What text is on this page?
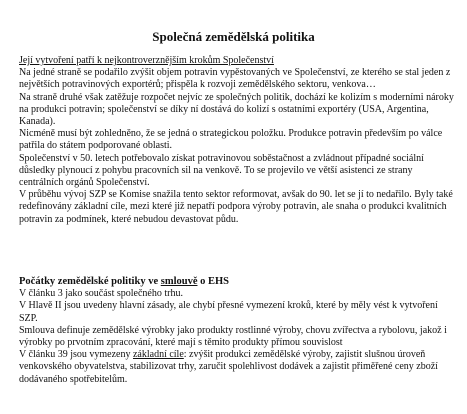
Společná zemědělská politika

Její vytvoření patří k nejkontroverznějším krokům Společenství

Na jedné straně se podařilo zvýšit objem potravin vypěstovaných ve Společenství, ze kterého se stal jeden z největších potravinových exportérů; přispěla k rozvoji zemědělského sektoru, venkova…

Na straně druhé však zatěžuje rozpočet nejvíc ze společných politik, dochází ke kolizím s moderními nároky na produkci potravin; společenství se díky ní dostává do kolizí s ostatními exportéry (USA, Argentina, Kanada).

Nicméně musí být zohledněno, že se jedná o strategickou položku. Produkce potravin především po válce patřila do státem podporované oblasti.

Společenství v 50. letech potřebovalo získat potravinovou soběstačnost a zvládnout případné sociální důsledky plynoucí z pohybu pracovních sil na venkově. To se projevilo ve větší asistenci ze strany centrálních orgánů Společenství.

V průběhu vývoj SZP se Komise snažila tento sektor reformovat, avšak do 90. let se jí to nedařilo. Byly také redefinovány základní cíle, mezi které již nepatří podpora výroby potravin, ale snaha o produkci kvalitních potravin za podmínek, které nebudou devastovat půdu.

Počátky zemědělské politiky ve smlouvě o EHS

V článku 3 jako součást společného trhu.

V Hlavě II jsou uvedeny hlavní zásady, ale chybí přesné vymezení kroků, které by měly vést k vytvoření SZP.

Smlouva definuje zemědělské výrobky jako produkty rostlinné výroby, chovu zvířectva a rybolovu, jakož i výrobky po prvotním zpracování, které mají s těmito produkty přímou souvislost

V článku 39 jsou vymezeny základní cíle: zvýšit produkci zemědělské výroby, zajistit slušnou úroveň venkovského obyvatelstva, stabilizovat trhy, zaručit spolehlivost dodávek a zajistit přiměřené ceny zboží dodávaného spotřebitelům.
